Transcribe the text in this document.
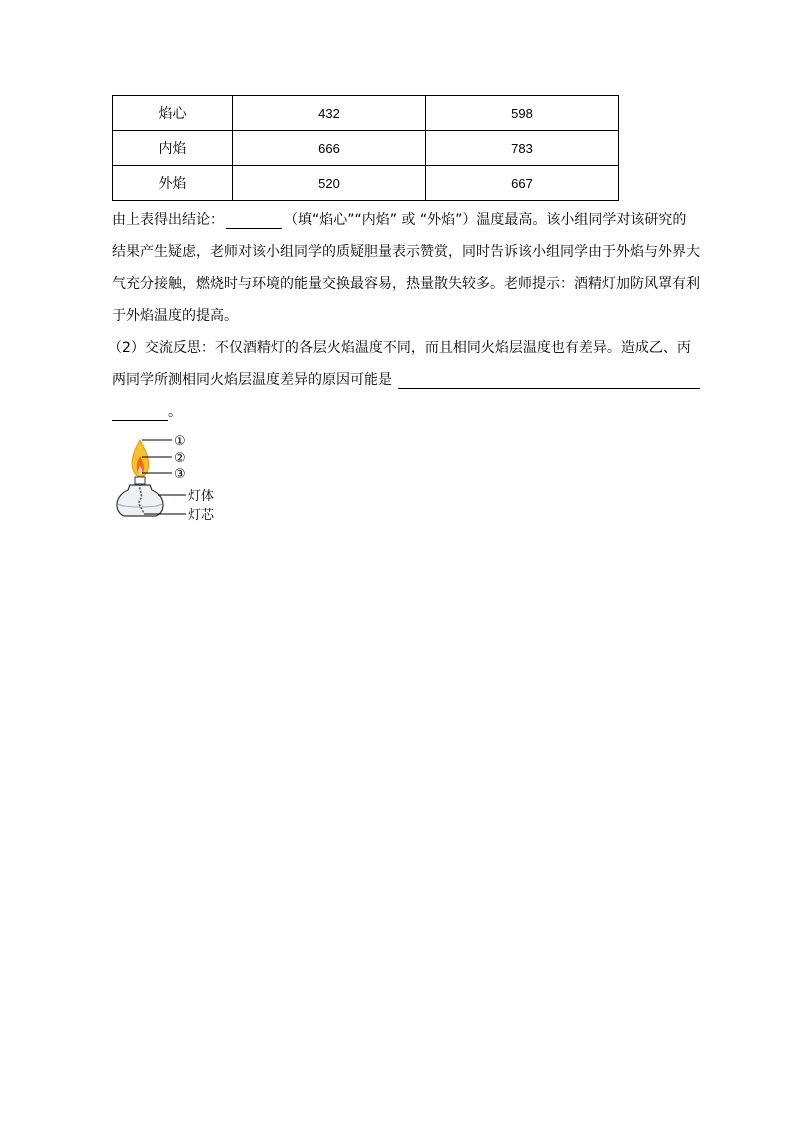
焰心	432	598
内焰	666	783
外焰	520	667
由上表得出结论：	（填“焰心”“内焰” 或 “外焰”）温度最高。该小组同学对该研究的
结果产生疑虑，老师对该小组同学的质疑胆量表示赞赏，同时告诉该小组同学由于外焰与外界大
气充分接触，燃烧时与环境的能量交换最容易，热量散失较多。老师提示：酒精灯加防风罩有利
于外焰温度的提高。
（2）交流反思：不仅酒精灯的各层火焰温度不同，而且相同火焰层温度也有差异。造成乙、丙
两同学所测相同火焰层温度差异的原因可能是
。
①
②
③
灯体
灯芯
